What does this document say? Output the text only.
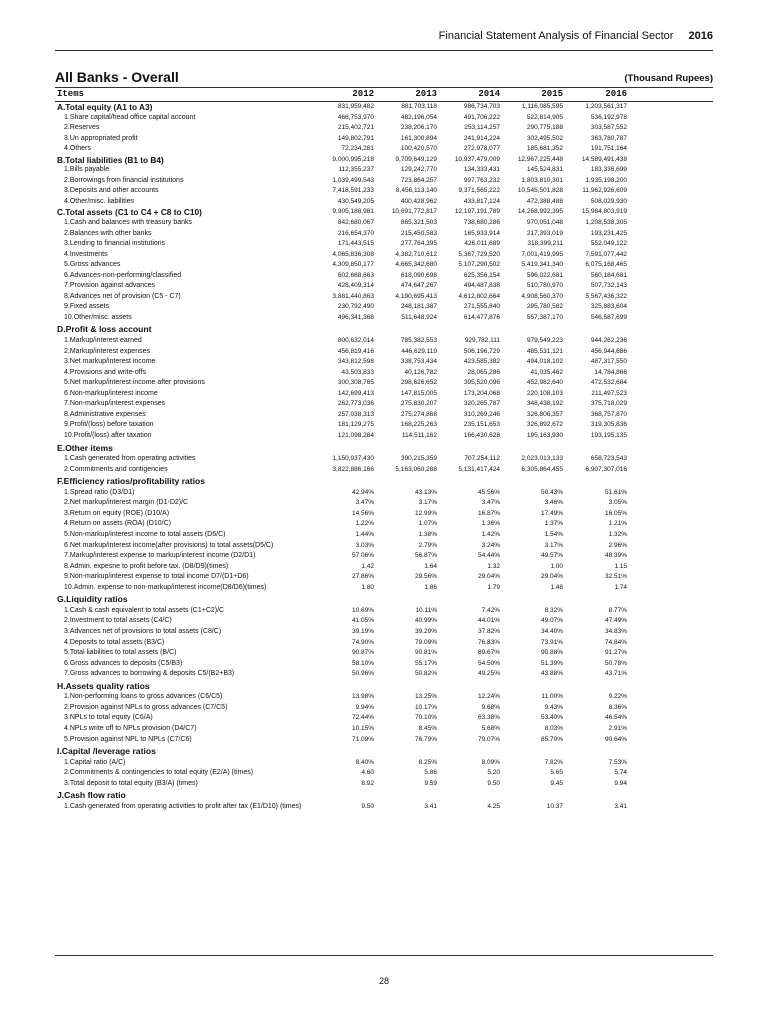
Financial Statement Analysis of Financial Sector 2016
All Banks - Overall	(Thousand Rupees)
Items	2012	2013	2014	2015	2016
A.Total equity (A1 to A3)	831,959,482	881,703,118	986,734,703	1,116,085,595	1,203,561,317
1.Share capital/head office capital account	466,753,970	482,196,054	491,706,222	522,814,905	536,192,978
2.Reserves	215,402,721	238,206,170	253,114,257	290,775,188	303,587,552
3.Un appropriated profit	149,802,791	161,300,894	241,914,224	302,495,502	363,780,787
4.Others	72,234,281	100,420,570	272,978,077	185,681,352	191,751,164
B.Total liabilities (B1 to B4)	9,000,995,218	9,709,649,129	10,937,479,009	12,967,225,448	14,589,491,438
1.Bills payable	112,355,237	129,242,770	134,333,431	145,524,831	183,336,699
2.Borrowings from financial institutions	1,039,499,543	723,864,257	997,763,232	1,803,810,301	1,935,198,200
3.Deposits and other accounts	7,418,591,233	8,456,113,140	9,371,565,222	10,545,501,828	11,962,926,609
4.Other/misc. liabilities	430,549,205	400,428,962	433,817,124	472,388,488	508,029,930
C.Total assets (C1 to C4 + C8 to C10)	9,905,188,981	10,691,772,817	12,197,191,789	14,268,992,395	15,984,803,919
1.Cash and balances with treasury banks	842,680,067	865,321,503	738,680,286	970,051,048	1,208,538,305
2.Balances with other banks	216,654,370	215,450,583	165,933,914	217,393,019	193,231,425
3.Lending to financial institutions	171,443,515	277,764,395	426,011,689	318,399,211	552,049,122
4.Investments	4,065,836,308	4,382,710,612	5,367,729,520	7,001,419,995	7,591,077,442
5.Gross advances	4,309,850,177	4,665,342,680	5,107,290,502	5,419,341,340	6,075,168,465
6.Advances-non-performing/classified	602,668,663	618,090,698	625,356,154	596,022,681	560,184,681
7.Provision against advances	428,409,314	474,647,267	494,487,838	510,780,970	507,732,143
8.Advances net of provision (C5 - C7)	3,881,440,863	4,190,695,413	4,612,802,664	4,908,560,370	5,567,436,322
9.Fixed assets	230,792,490	248,181,387	271,555,840	295,780,582	325,883,604
10.Other/misc. assets	496,341,368	511,648,924	614,477,876	557,387,170	546,587,699
D.Profit & loss account
1.Markup/interest earned	800,632,014	785,382,553	929,782,111	979,549,223	944,262,236
2.Markup/interest expenses	456,819,416	446,629,119	506,196,729	485,531,121	456,944,686
3.Net markup/interest income	343,812,598	338,753,434	423,585,382	494,018,102	487,317,550
4.Provisions and write-offs	43,503,833	40,126,782	28,065,286	41,035,462	14,784,866
5.Net markup/interest income after provisions	300,308,765	298,626,652	395,520,096	452,982,640	472,532,684
6.Non-markup/interest income	142,699,413	147,815,005	173,204,068	220,108,103	211,497,523
7.Non-markup/interest expenses	262,773,036	275,830,207	320,265,787	348,438,192	375,718,029
8.Administrative expenses	257,038,313	275,274,868	310,269,246	326,806,357	368,757,870
9.Profit/(loss) before taxation	181,129,275	168,225,263	235,151,653	326,892,672	319,305,836
10.Profit/(loss) after taxation	121,098,284	114,511,162	166,430,628	195,163,930	193,195,135
E.Other items
1.Cash generated from operating activities	1,150,937,430	390,215,359	707,254,112	2,023,013,133	658,723,543
2.Commitments and contigencies	3,822,886,166	5,163,060,288	5,131,417,424	6,305,864,455	6,907,307,016
F.Efficiency ratios/profitability ratios
1.Spread ratio (D3/D1)	42.94%	43.13%	45.56%	50.43%	51.61%
2.Net markup/interest margin (D1-D2)/C	3.47%	3.17%	3.47%	3.46%	3.05%
3.Return on equity (ROE) (D10/A)	14.56%	12.99%	16.87%	17.49%	16.05%
4.Return on assets (ROA) (D10/C)	1.22%	1.07%	1.36%	1.37%	1.21%
5.Non-markup/interest income to total assets (D6/C)	1.44%	1.38%	1.42%	1.54%	1.32%
6.Net markup/interest income(after provisions) to total assets(D5/C)	3.03%	2.79%	3.24%	3.17%	2.96%
7.Markup/interest expense to markup/interest income (D2/D1)	57.06%	56.87%	54.44%	49.57%	48.39%
8.Admin. expesne to profit before tax. (D8/D9)(times)	1.42	1.64	1.32	1.00	1.15
9.Non-markup/interest expense to total income D7/(D1+D6)	27.86%	29.56%	29.04%	29.04%	32.51%
10.Admin. expense to non-markup/interest income(D8/D6)(times)	1.80	1.86	1.79	1.48	1.74
G.Liquidity ratios
1.Cash & cash equivalent to total assets (C1+C2)/C	10.69%	10.11%	7.42%	8.32%	8.77%
2.Investment to total assets (C4/C)	41.05%	40.99%	44.01%	49.07%	47.49%
3.Advances net of provisions to total assets (C8/C)	39.19%	39.20%	37.82%	34.40%	34.83%
4.Deposits to total assets (B3/C)	74.90%	79.09%	76.83%	73.91%	74.84%
5.Total liabilities to total assets (B/C)	90.87%	90.81%	89.67%	90.88%	91.27%
6.Gross advances to deposits (C5/B3)	58.10%	55.17%	54.50%	51.39%	50.78%
7.Gross advances to borrowing & deposits C5/(B2+B3)	50.96%	50.82%	49.25%	43.88%	43.71%
H.Assets quality ratios
1.Non-performing loans to gross advances (C6/C5)	13.98%	13.25%	12.24%	11.00%	9.22%
2.Provision against NPLs to gross advances (C7/C5)	9.94%	10.17%	9.68%	9.43%	8.36%
3.NPLs to total equity (C6/A)	72.44%	70.10%	63.38%	53.40%	46.54%
4.NPLs write off to NPLs provision (D4/C7)	10.15%	8.45%	5.68%	8.03%	2.91%
5.Provision against NPL to NPLs (C7/C6)	71.09%	76.79%	79.07%	85.70%	90.64%
I.Capital /leverage ratios
1.Capital ratio (A/C)	8.40%	8.25%	8.09%	7.82%	7.53%
2.Commitments & contingencies to total equity (E2/A) (times)	4.60	5.86	5.20	5.65	5.74
3.Total deposit to total equity (B3/A) (times)	8.92	9.59	9.50	9.45	9.94
J.Cash flow ratio
1.Cash generated from operating activities to profit after tax (E1/D10) (times)	9.50	3.41	4.25	10.37	3.41
28
